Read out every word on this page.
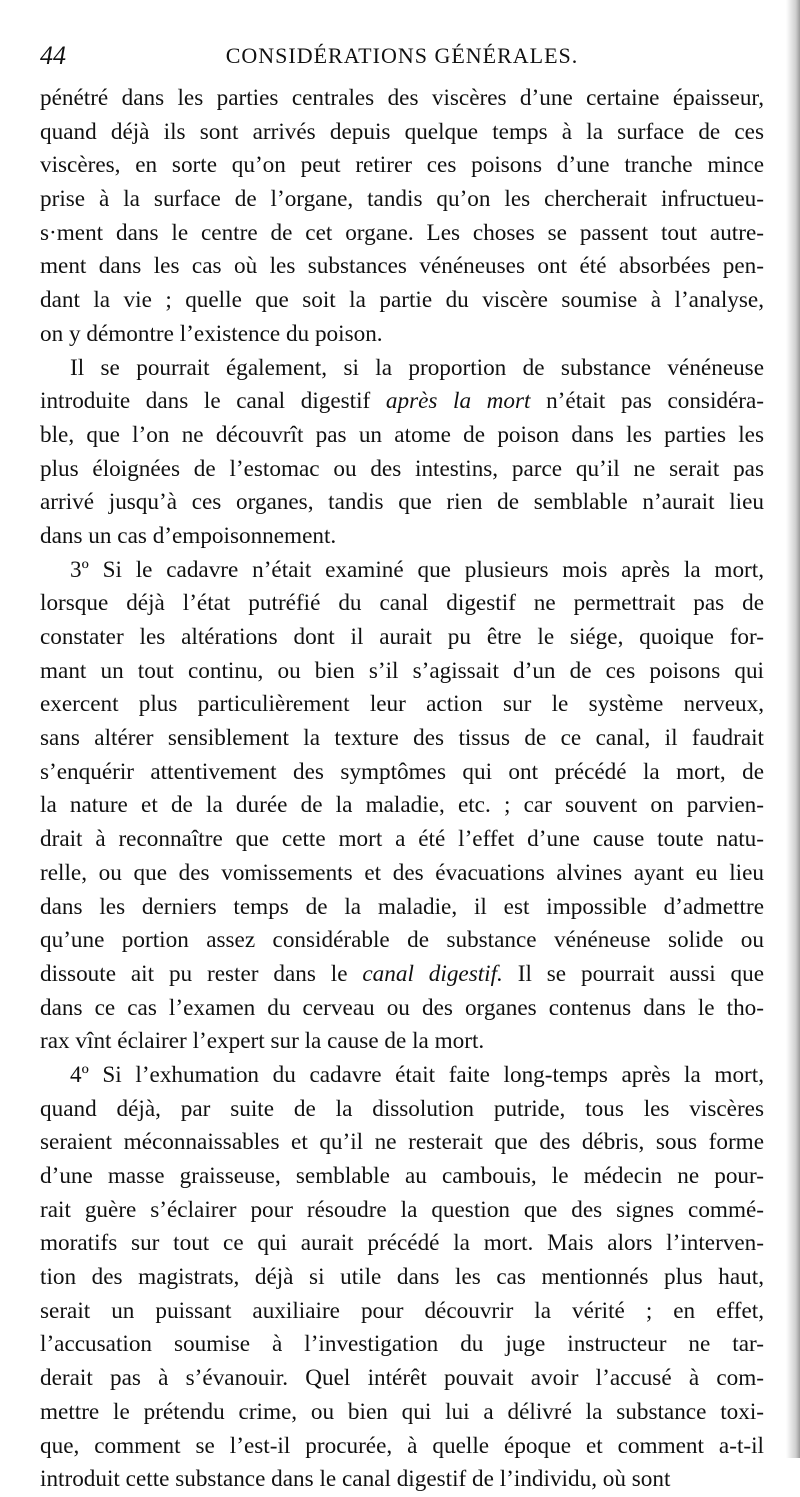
44	CONSIDÉRATIONS GÉNÉRALES.
pénétré dans les parties centrales des viscères d’une certaine épaisseur,
quand déjà ils sont arrivés depuis quelque temps à la surface de ces
viscères, en sorte qu’on peut retirer ces poisons d’une tranche mince
prise à la surface de l’organe, tandis qu’on les chercherait infructueu-
s·ment dans le centre de cet organe. Les choses se passent tout autre-
ment dans les cas où les substances vénéneuses ont été absorbées pen-
dant la vie ; quelle que soit la partie du viscère soumise à l’analyse,
on y démontre l’existence du poison.
Il se pourrait également, si la proportion de substance vénéneuse
introduite dans le canal digestif après la mort n’était pas considéra-
ble, que l’on ne découvrît pas un atome de poison dans les parties les
plus éloignées de l’estomac ou des intestins, parce qu’il ne serait pas
arrivé jusqu’à ces organes, tandis que rien de semblable n’aurait lieu
dans un cas d’empoisonnement.
3º Si le cadavre n’était examiné que plusieurs mois après la mort,
lorsque déjà l’état putréfié du canal digestif ne permettrait pas de
constater les altérations dont il aurait pu être le siége, quoique for-
mant un tout continu, ou bien s’il s’agissait d’un de ces poisons qui
exercent plus particulièrement leur action sur le système nerveux,
sans altérer sensiblement la texture des tissus de ce canal, il faudrait
s’enquérir attentivement des symptômes qui ont précédé la mort, de
la nature et de la durée de la maladie, etc. ; car souvent on parvien-
drait à reconnaître que cette mort a été l’effet d’une cause toute natu-
relle, ou que des vomissements et des évacuations alvines ayant eu lieu
dans les derniers temps de la maladie, il est impossible d’admettre
qu’une portion assez considérable de substance vénéneuse solide ou
dissoute ait pu rester dans le canal digestif. Il se pourrait aussi que
dans ce cas l’examen du cerveau ou des organes contenus dans le tho-
rax vînt éclairer l’expert sur la cause de la mort.
4º Si l’exhumation du cadavre était faite long-temps après la mort,
quand déjà, par suite de la dissolution putride, tous les viscères
seraient méconnaissables et qu’il ne resterait que des débris, sous forme
d’une masse graisseuse, semblable au cambouis, le médecin ne pour-
rait guère s’éclairer pour résoudre la question que des signes commé-
moratifs sur tout ce qui aurait précédé la mort. Mais alors l’interven-
tion des magistrats, déjà si utile dans les cas mentionnés plus haut,
serait un puissant auxiliaire pour découvrir la vérité ; en effet,
l’accusation soumise à l’investigation du juge instructeur ne tar-
derait pas à s’évanouir. Quel intérêt pouvait avoir l’accusé à com-
mettre le prétendu crime, ou bien qui lui a délivré la substance toxi-
que, comment se l’est-il procurée, à quelle époque et comment a-t-il
introduit cette substance dans le canal digestif de l’individu, où sont
